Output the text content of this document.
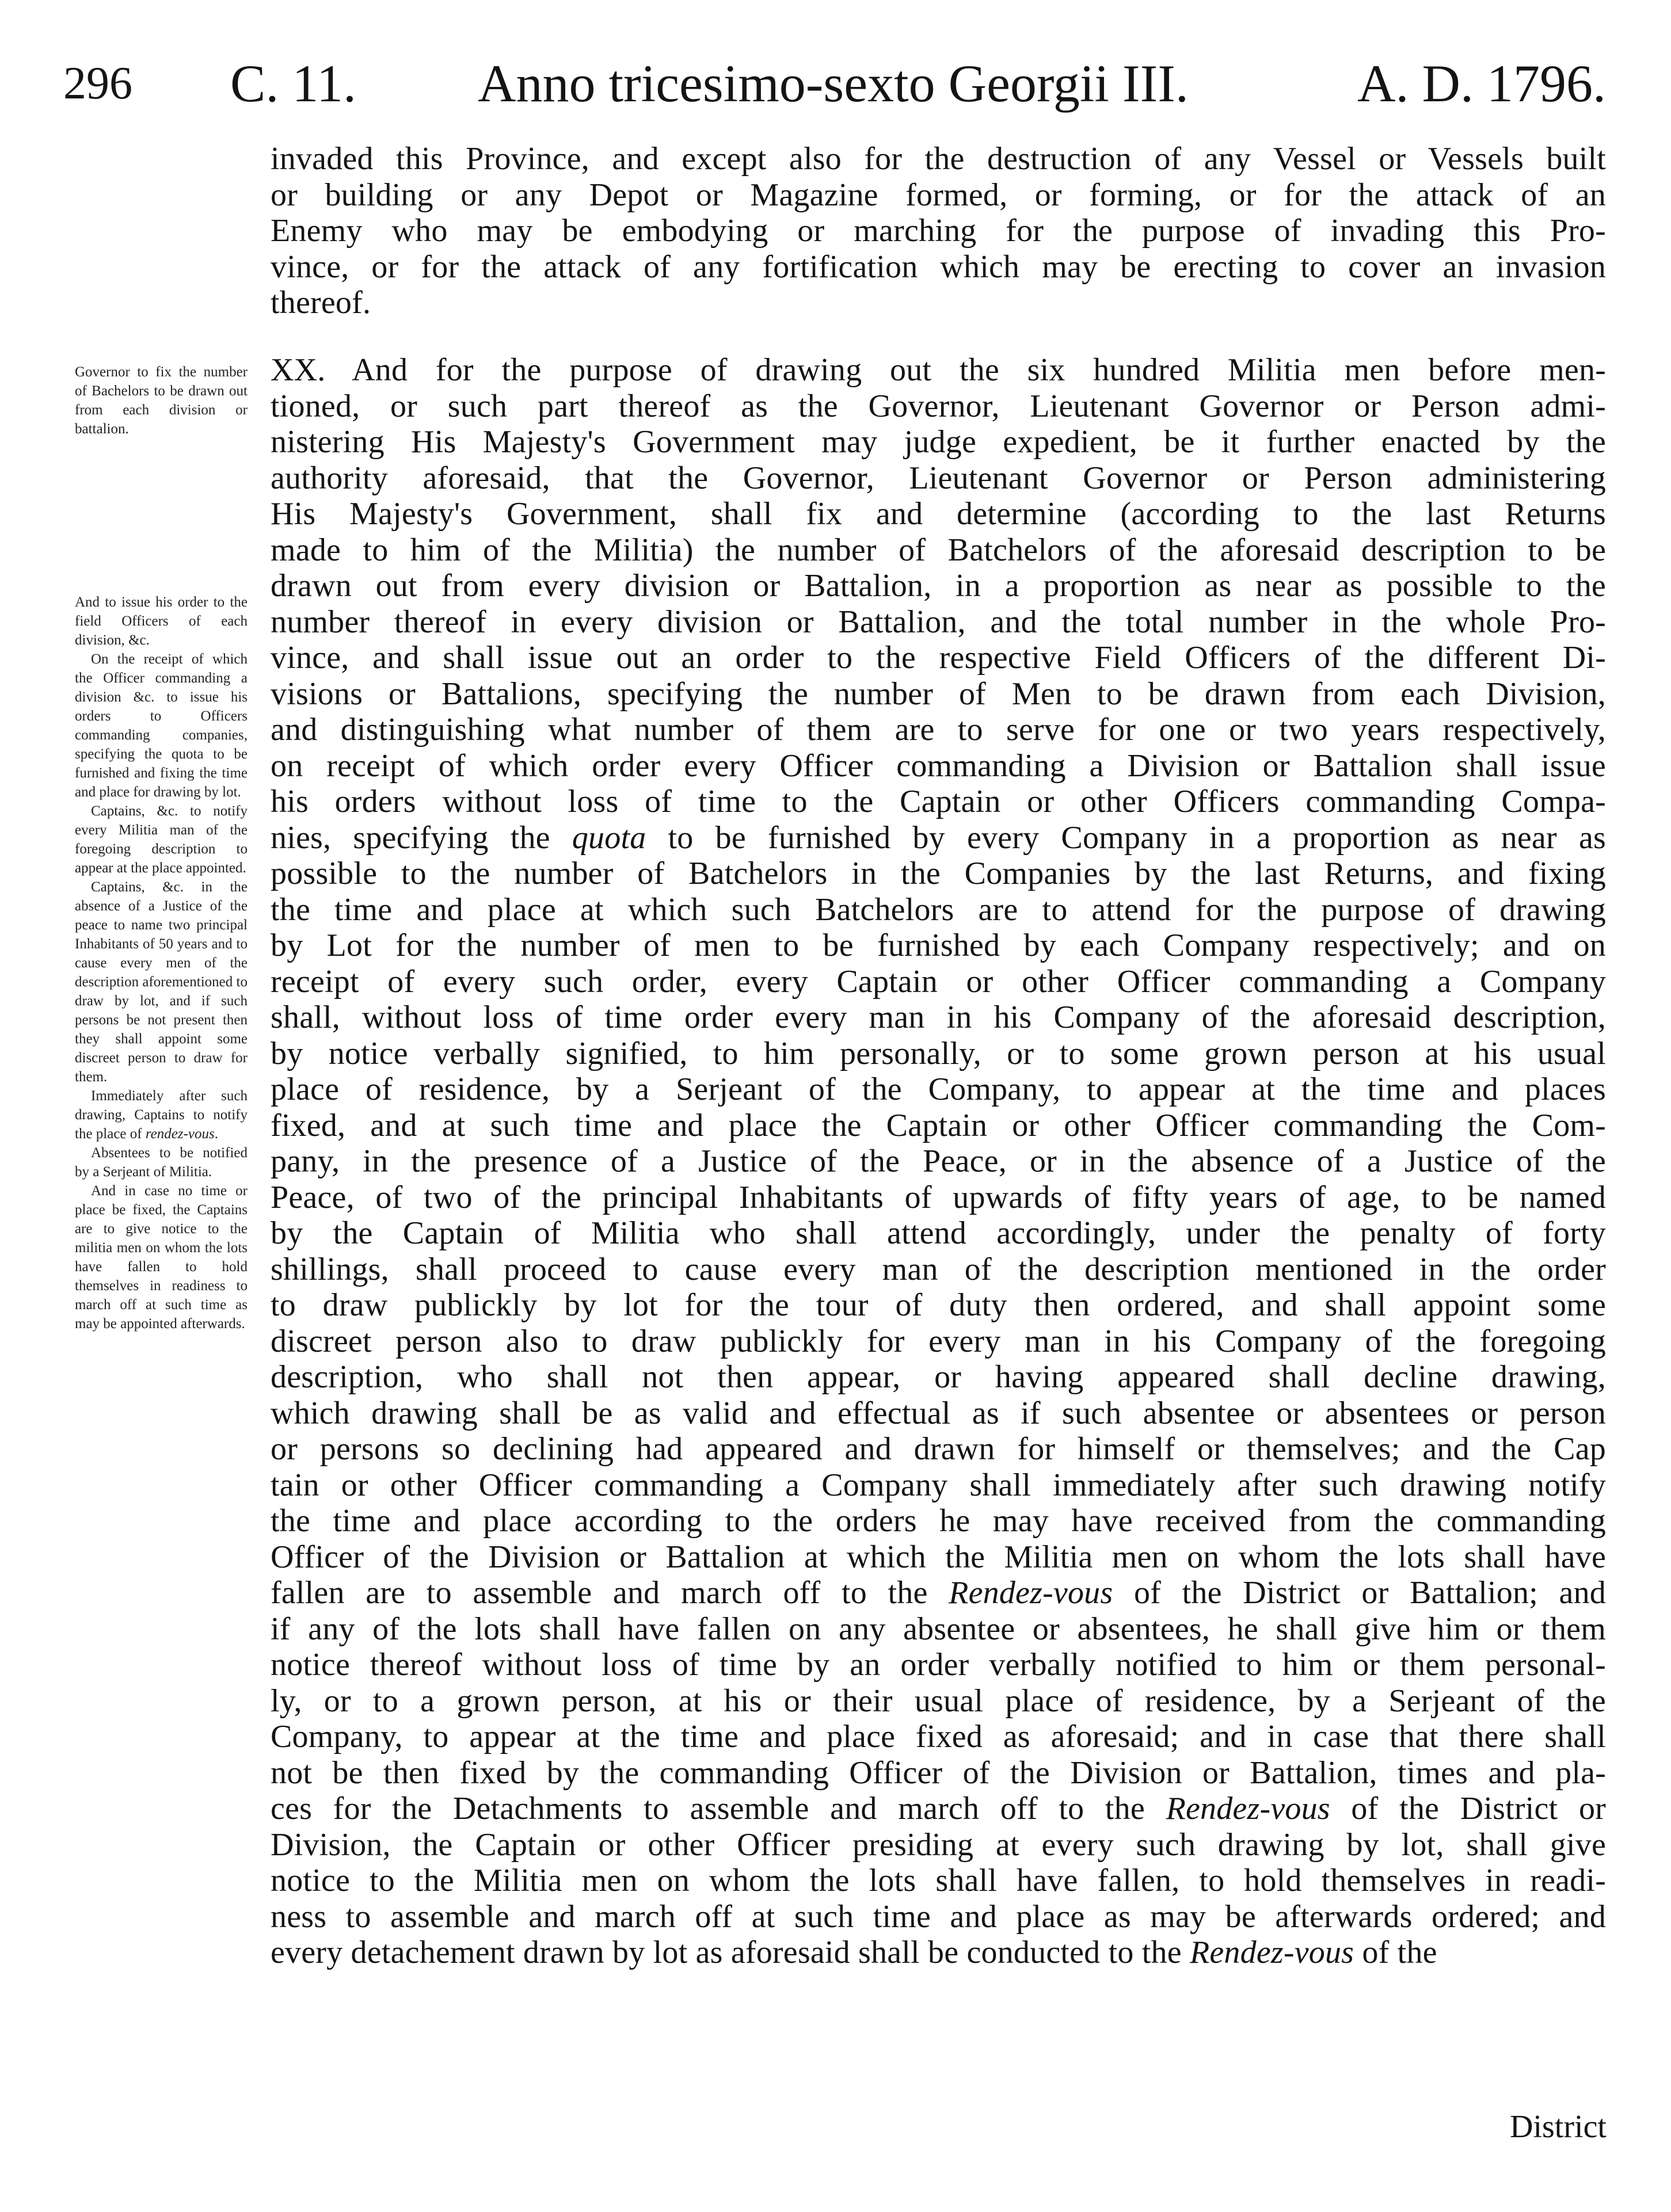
296 C. 11. Anno tricesimo-sexto Georgii III.	A. D. 1796.
invaded this Province, and except also for the destruction of any Vessel or Vessels built
or building or any Depot or Magazine formed, or forming, or for the attack of an
Enemy who may be embodying or marching for the purpose of invading this Pro-
vince, or for the attack of any fortification which may be erecting to cover an invasion
thereof.
XX. And for the purpose of drawing out the six hundred Militia men before men-
tioned, or such part thereof as the Governor, Lieutenant Governor or Person admi-
nistering His Majesty's Government may judge expedient, be it further enacted by the
authority aforesaid, that the Governor, Lieutenant Governor or Person administering
His Majesty's Government, shall fix and determine (according to the last Returns
made to him of the Militia) the number of Batchelors of the aforesaid description to be
drawn out from every division or Battalion, in a proportion as near as possible to the
number thereof in every division or Battalion, and the total number in the whole Pro-
vince, and shall issue out an order to the respective Field Officers of the different Di-
visions or Battalions, specifying the number of Men to be drawn from each Division,
and distinguishing what number of them are to serve for one or two years respectively,
on receipt of which order every Officer commanding a Division or Battalion shall issue
his orders without loss of time to the Captain or other Officers commanding Compa-
nies, specifying the quota to be furnished by every Company in a proportion as near as
possible to the number of Batchelors in the Companies by the last Returns, and fixing
the time and place at which such Batchelors are to attend for the purpose of drawing
by Lot for the number of men to be furnished by each Company respectively; and on
receipt of every such order, every Captain or other Officer commanding a Company
shall, without loss of time order every man in his Company of the aforesaid description,
by notice verbally signified, to him personally, or to some grown person at his usual
place of residence, by a Serjeant of the Company, to appear at the time and places
fixed, and at such time and place the Captain or other Officer commanding the Com-
pany, in the presence of a Justice of the Peace, or in the absence of a Justice of the
Peace, of two of the principal Inhabitants of upwards of fifty years of age, to be named
by the Captain of Militia who shall attend accordingly, under the penalty of forty
shillings, shall proceed to cause every man of the description mentioned in the order
to draw publickly by lot for the tour of duty then ordered, and shall appoint some
discreet person also to draw publickly for every man in his Company of the foregoing
description, who shall not then appear, or having appeared shall decline drawing,
which drawing shall be as valid and effectual as if such absentee or absentees or person
or persons so declining had appeared and drawn for himself or themselves; and the Cap
tain or other Officer commanding a Company shall immediately after such drawing notify
the time and place according to the orders he may have received from the commanding
Officer of the Division or Battalion at which the Militia men on whom the lots shall have
fallen are to assemble and march off to the Rendez-vous of the District or Battalion; and
if any of the lots shall have fallen on any absentee or absentees, he shall give him or them
notice thereof without loss of time by an order verbally notified to him or them personal-
ly, or to a grown person, at his or their usual place of residence, by a Serjeant of the
Company, to appear at the time and place fixed as aforesaid; and in case that there shall
not be then fixed by the commanding Officer of the Division or Battalion, times and pla-
ces for the Detachments to assemble and march off to the Rendez-vous of the District or
Division, the Captain or other Officer presiding at every such drawing by lot, shall give
notice to the Militia men on whom the lots shall have fallen, to hold themselves in readi-
ness to assemble and march off at such time and place as may be afterwards ordered; and
every detachement drawn by lot as aforesaid shall be conducted to the Rendez-vous of the

Governor to fix the number of Bachelors to be drawn out from each division or battalion.

And to issue his order to the field Officers of each division, &c.

On the receipt of which the Officer commanding a division &c. to issue his orders to Officers commanding companies, specifying the quota to be furnished and fixing the time and place for drawing by lot.

Captains, &c. to notify every Militia man of the foregoing description to appear at the place appointed.

Captains, &c. in the absence of a Justice of the peace to name two principal Inhabitants of 50 years and to cause every men of the description aforementioned to draw by lot, and if such persons be not present then they shall appoint some discreet person to draw for them.

Immediately after such drawing, Captains to notify the place of rendez-vous.

Absentees to be notified by a Serjeant of Militia.

And in case no time or place be fixed, the Captains are to give notice to the militia men on whom the lots have fallen to hold themselves in readiness to march off at such time as may be appointed afterwards.

District
